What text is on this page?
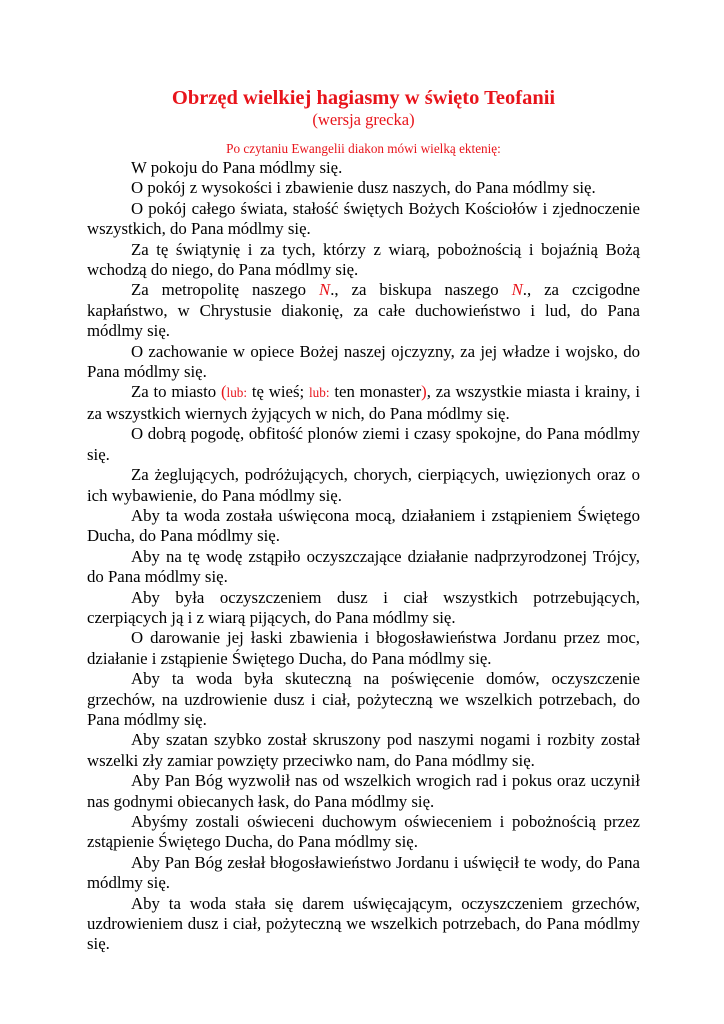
Obrzęd wielkiej hagiasmy w święto Teofanii
(wersja grecka)
Po czytaniu Ewangelii diakon mówi wielką ektenię:

W pokoju do Pana módlmy się.

O pokój z wysokości i zbawienie dusz naszych, do Pana módlmy się.

O pokój całego świata, stałość świętych Bożych Kościołów i zjednoczenie wszystkich, do Pana módlmy się.

Za tę świątynię i za tych, którzy z wiarą, pobożnością i bojaźnią Bożą wchodzą do niego, do Pana módlmy się.

Za metropolitę naszego N., za biskupa naszego N., za czcigodne kapłaństwo, w Chrystusie diakonię, za całe duchowieństwo i lud, do Pana módlmy się.

O zachowanie w opiece Bożej naszej ojczyzny, za jej władze i wojsko, do Pana módlmy się.

Za to miasto (lub: tę wieś; lub: ten monaster), za wszystkie miasta i krainy, i za wszystkich wiernych żyjących w nich, do Pana módlmy się.

O dobrą pogodę, obfitość plonów ziemi i czasy spokojne, do Pana módlmy się.

Za żeglujących, podróżujących, chorych, cierpiących, uwięzionych oraz o ich wybawienie, do Pana módlmy się.

Aby ta woda została uświęcona mocą, działaniem i zstąpieniem Świętego Ducha, do Pana módlmy się.

Aby na tę wodę zstąpiło oczyszczające działanie nadprzyrodzonej Trójcy, do Pana módlmy się.

Aby była oczyszczeniem dusz i ciał wszystkich potrzebujących, czerpiących ją i z wiarą pijących, do Pana módlmy się.

O darowanie jej łaski zbawienia i błogosławieństwa Jordanu przez moc, działanie i zstąpienie Świętego Ducha, do Pana módlmy się.

Aby ta woda była skuteczną na poświęcenie domów, oczyszczenie grzechów, na uzdrowienie dusz i ciał, pożyteczną we wszelkich potrzebach, do Pana módlmy się.

Aby szatan szybko został skruszony pod naszymi nogami i rozbity został wszelki zły zamiar powzięty przeciwko nam, do Pana módlmy się.

Aby Pan Bóg wyzwolił nas od wszelkich wrogich rad i pokus oraz uczynił nas godnymi obiecanych łask, do Pana módlmy się.

Abyśmy zostali oświeceni duchowym oświeceniem i pobożnością przez zstąpienie Świętego Ducha, do Pana módlmy się.

Aby Pan Bóg zesłał błogosławieństwo Jordanu i uświęcił te wody, do Pana módlmy się.

Aby ta woda stała się darem uświęcającym, oczyszczeniem grzechów, uzdrowieniem dusz i ciał, pożyteczną we wszelkich potrzebach, do Pana módlmy się.
